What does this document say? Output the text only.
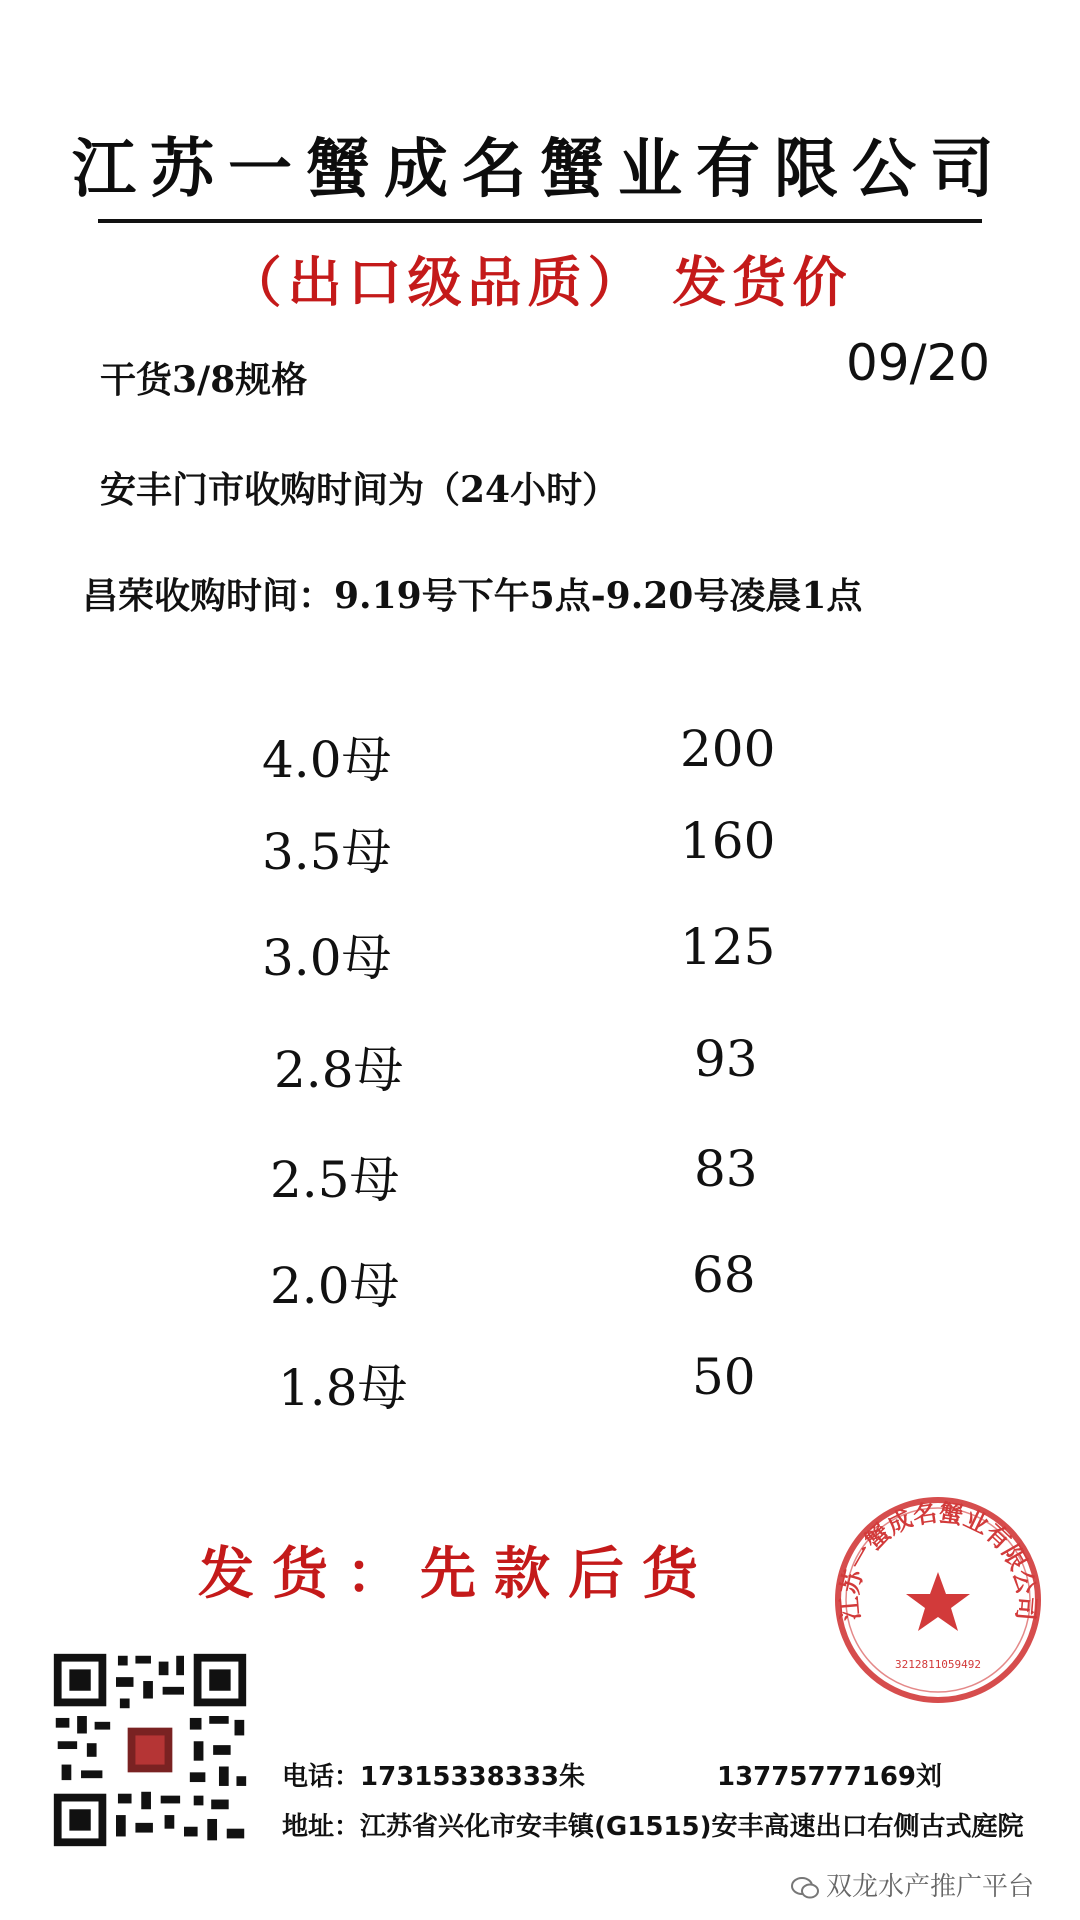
江苏一蟹成名蟹业有限公司
（出口级品质） 发货价
干货3/8规格	09/20
安丰门市收购时间为（24小时）
昌荣收购时间：9.19号下午5点-9.20号凌晨1点
4.0母	200
3.5母	160
3.0母	125
2.8母	93
2.5母	83
2.0母	68
1.8母	50
发货：先款后货
江苏一蟹成名蟹业有限公司
3212811059492
电话：17315338333朱	13775777169刘
地址：江苏省兴化市安丰镇(G1515)安丰高速出口右侧古式庭院
双龙水产推广平台
